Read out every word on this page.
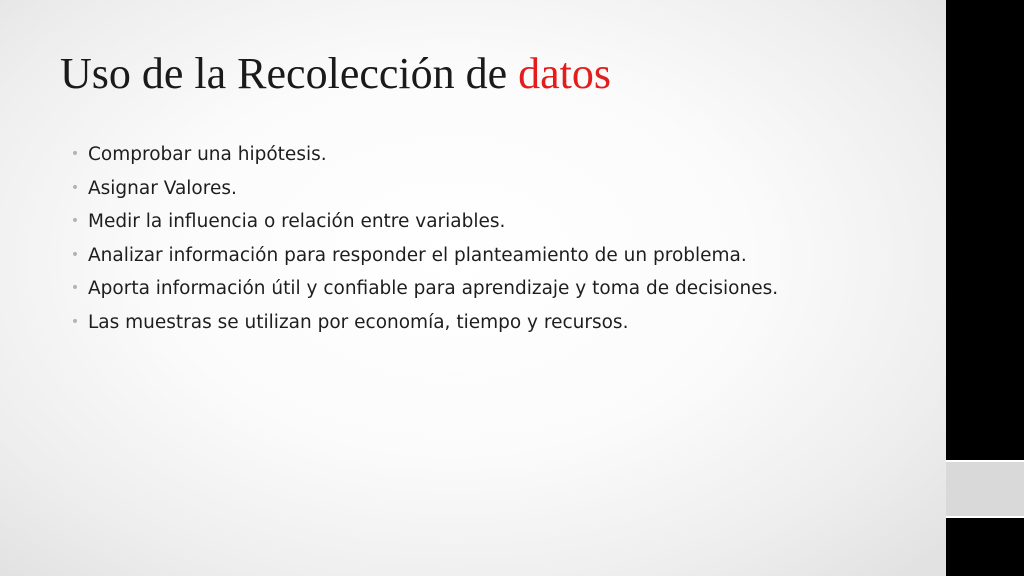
Uso de la Recolección de datos
• Comprobar una hipótesis.
• Asignar Valores.
• Medir la influencia o relación entre variables.
• Analizar información para responder el planteamiento de un problema.
• Aporta información útil y confiable para aprendizaje y toma de decisiones.
• Las muestras se utilizan por economía, tiempo y recursos.
